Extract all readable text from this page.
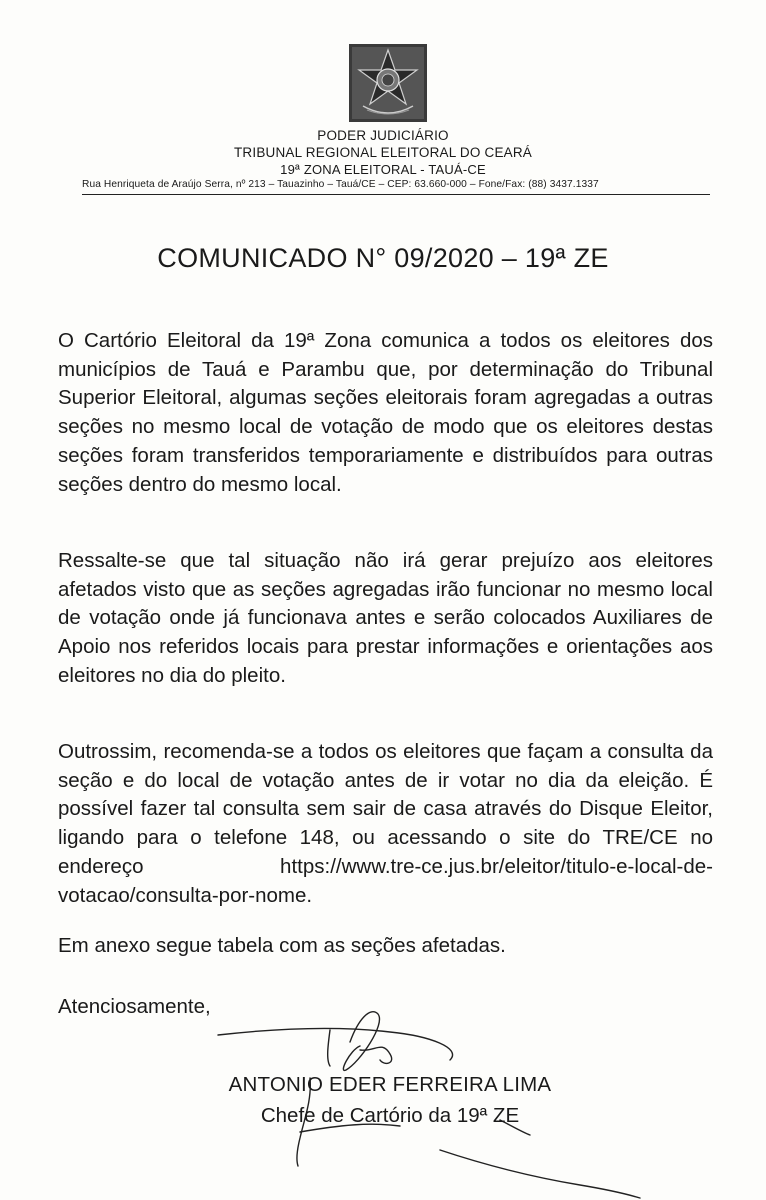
PODER JUDICIÁRIO
TRIBUNAL REGIONAL ELEITORAL DO CEARÁ
19ª ZONA ELEITORAL - TAUÁ-CE
Rua Henriqueta de Araújo Serra, nº 213 – Tauazinho – Tauá/CE – CEP: 63.660-000 – Fone/Fax: (88) 3437.1337
COMUNICADO N° 09/2020 – 19ª ZE

O Cartório Eleitoral da 19ª Zona comunica a todos os eleitores dos municípios de Tauá e Parambu que, por determinação do Tribunal Superior Eleitoral, algumas seções eleitorais foram agregadas a outras seções no mesmo local de votação de modo que os eleitores destas seções foram transferidos temporariamente e distribuídos para outras seções dentro do mesmo local.

Ressalte-se que tal situação não irá gerar prejuízo aos eleitores afetados visto que as seções agregadas irão funcionar no mesmo local de votação onde já funcionava antes e serão colocados Auxiliares de Apoio nos referidos locais para prestar informações e orientações aos eleitores no dia do pleito.

Outrossim, recomenda-se a todos os eleitores que façam a consulta da seção e do local de votação antes de ir votar no dia da eleição. É possível fazer tal consulta sem sair de casa através do Disque Eleitor, ligando para o telefone 148, ou acessando o site do TRE/CE no endereço https://www.tre-ce.jus.br/eleitor/titulo-e-local-de-votacao/consulta-por-nome.

Em anexo segue tabela com as seções afetadas.

Atenciosamente,
ANTONIO EDER FERREIRA LIMA
Chefe de Cartório da 19ª ZE
